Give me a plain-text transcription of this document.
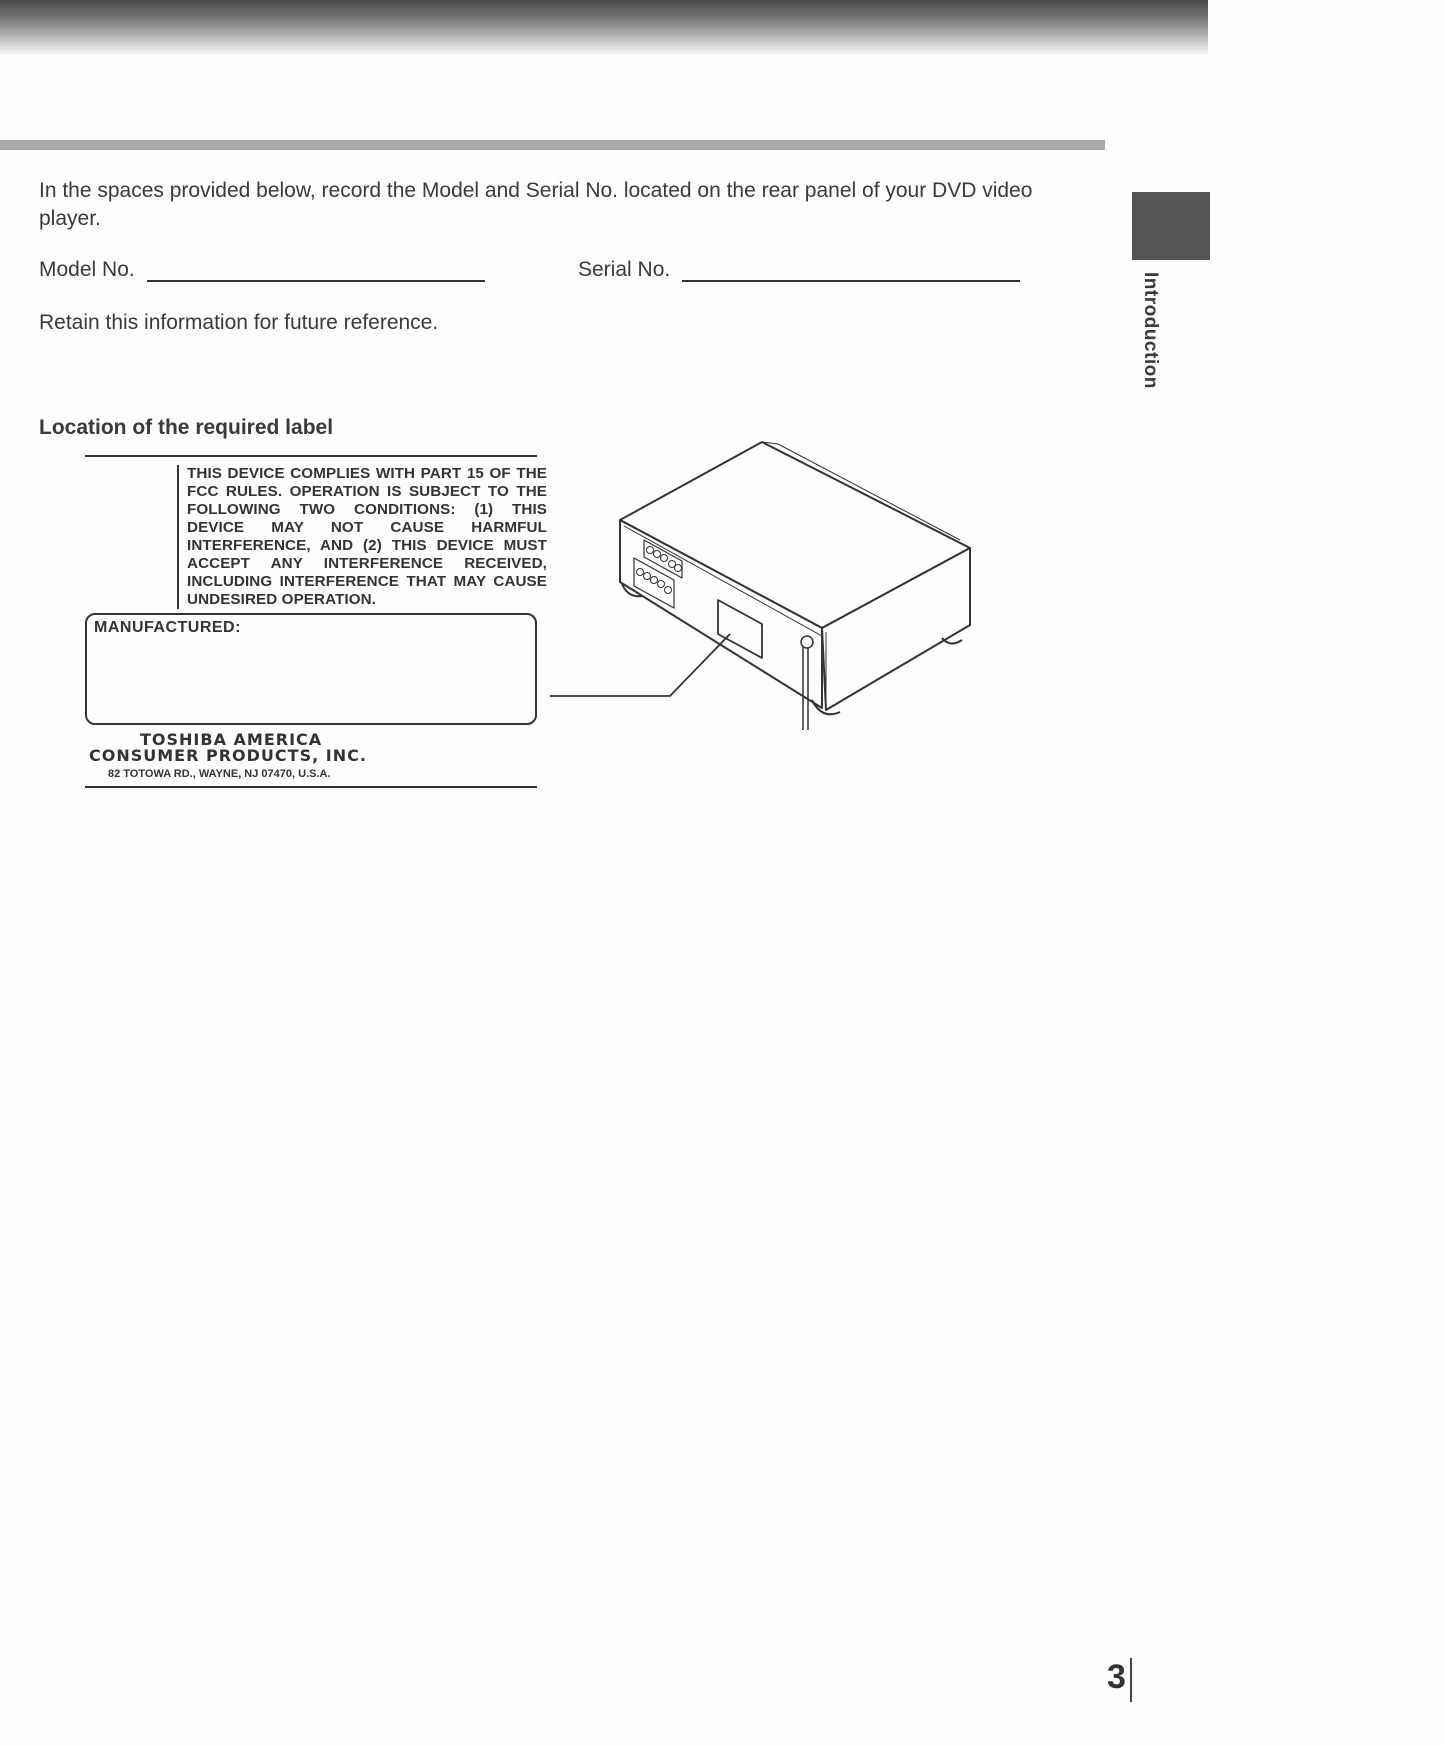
Introduction

In the spaces provided below, record the Model and Serial No. located on the rear panel of your DVD video player.

Model No.	Serial No.
Retain this information for future reference.
Location of the required label
THIS DEVICE COMPLIES WITH PART 15 OF THE FCC RULES. OPERATION IS SUBJECT TO THE FOLLOWING TWO CONDITIONS: (1) THIS DEVICE MAY NOT CAUSE HARMFUL INTERFERENCE, AND (2) THIS DEVICE MUST ACCEPT ANY INTERFERENCE RECEIVED, INCLUDING INTERFERENCE THAT MAY CAUSE UNDESIRED OPERATION.
MANUFACTURED:
TOSHIBA AMERICA
CONSUMER PRODUCTS, INC.
82 TOTOWA RD., WAYNE, NJ 07470, U.S.A.
3
